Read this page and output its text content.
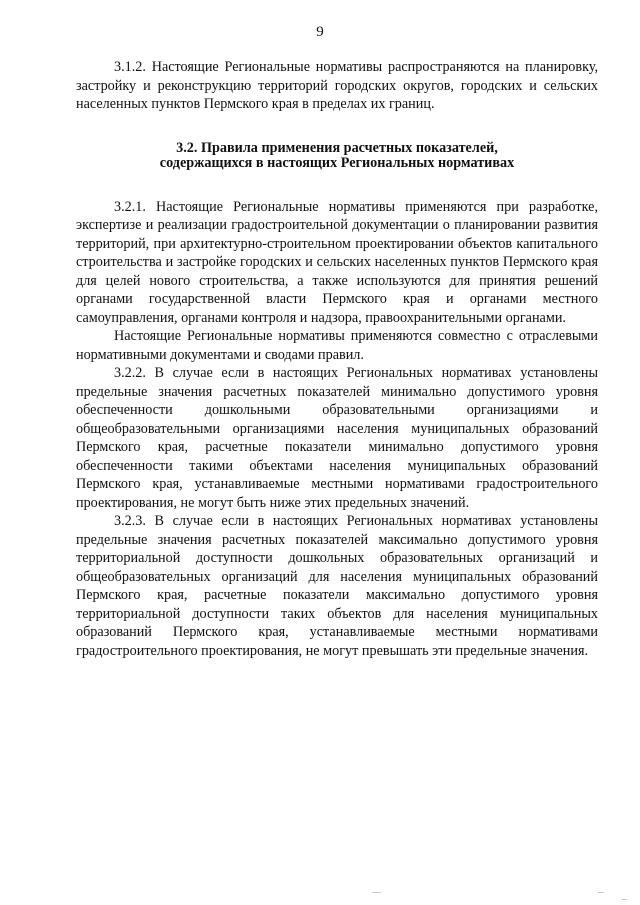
9

3.1.2. Настоящие Региональные нормативы распространяются на планировку, застройку и реконструкцию территорий городских округов, городских и сельских населенных пунктов Пермского края в пределах их границ.

3.2. Правила применения расчетных показателей,
содержащихся в настоящих Региональных нормативах

3.2.1. Настоящие Региональные нормативы применяются при разработке, экспертизе и реализации градостроительной документации о планировании развития территорий, при архитектурно-строительном проектировании объектов капитального строительства и застройке городских и сельских населенных пунктов Пермского края для целей нового строительства, а также используются для принятия решений органами государственной власти Пермского края и органами местного самоуправления, органами контроля и надзора, правоохранительными органами.

Настоящие Региональные нормативы применяются совместно с отраслевыми нормативными документами и сводами правил.

3.2.2. В случае если в настоящих Региональных нормативах установлены предельные значения расчетных показателей минимально допустимого уровня обеспеченности дошкольными образовательными организациями и общеобразовательными организациями населения муниципальных образований Пермского края, расчетные показатели минимально допустимого уровня обеспеченности такими объектами населения муниципальных образований Пермского края, устанавливаемые местными нормативами градостроительного проектирования, не могут быть ниже этих предельных значений.

3.2.3. В случае если в настоящих Региональных нормативах установлены предельные значения расчетных показателей максимально допустимого уровня территориальной доступности дошкольных образовательных организаций и общеобразовательных организаций для населения муниципальных образований Пермского края, расчетные показатели максимально допустимого уровня территориальной доступности таких объектов для населения муниципальных образований Пермского края, устанавливаемые местными нормативами градостроительного проектирования, не могут превышать эти предельные значения.
